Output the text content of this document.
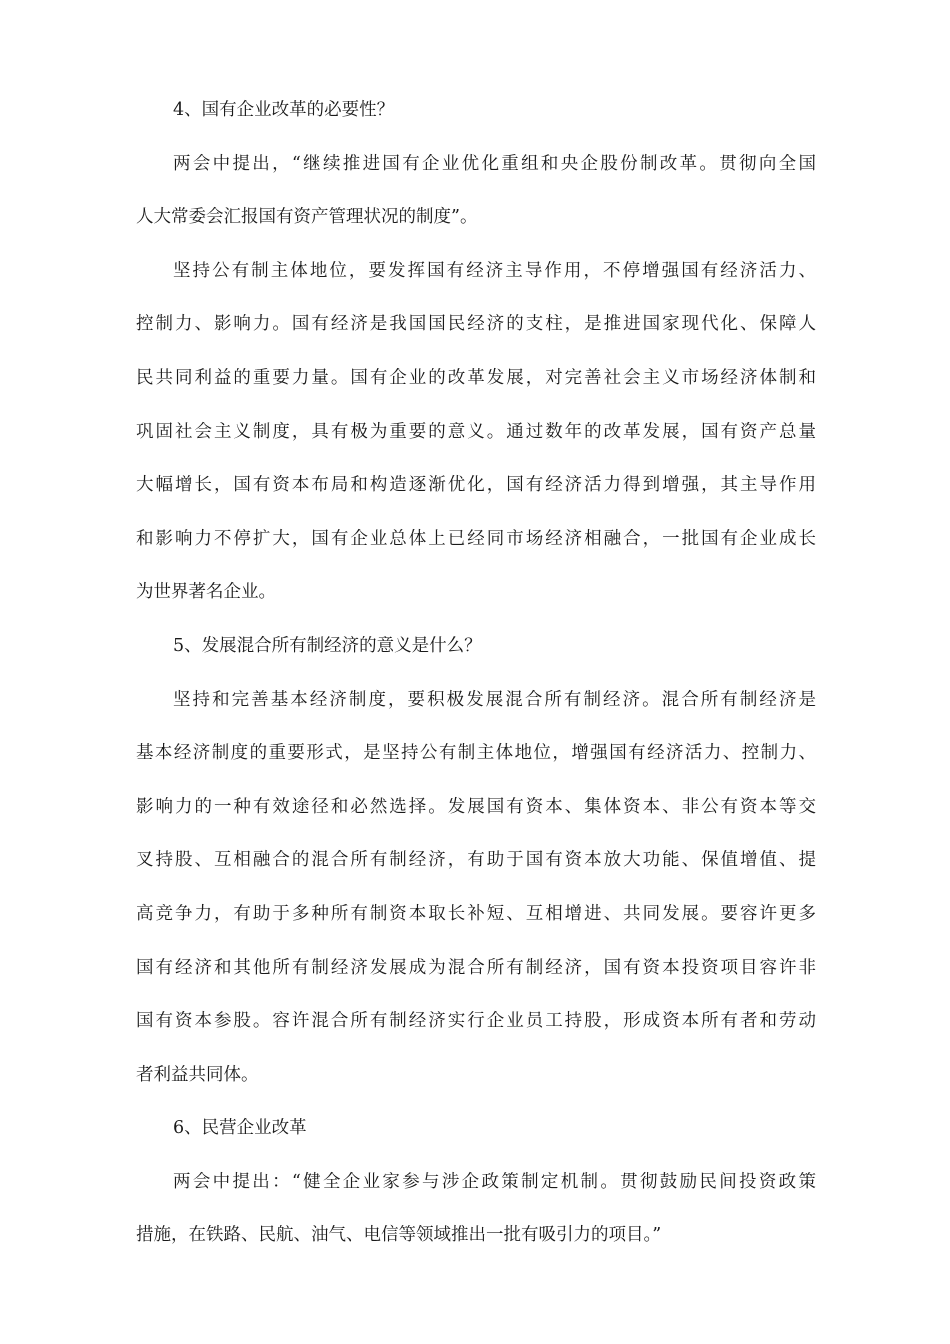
4、国有企业改革的必要性？
两会中提出，“继续推进国有企业优化重组和央企股份制改革。贯彻向全国
人大常委会汇报国有资产管理状况的制度”。
坚持公有制主体地位，要发挥国有经济主导作用，不停增强国有经济活力、
控制力、影响力。国有经济是我国国民经济的支柱，是推进国家现代化、保障人
民共同利益的重要力量。国有企业的改革发展，对完善社会主义市场经济体制和
巩固社会主义制度，具有极为重要的意义。通过数年的改革发展，国有资产总量
大幅增长，国有资本布局和构造逐渐优化，国有经济活力得到增强，其主导作用
和影响力不停扩大，国有企业总体上已经同市场经济相融合，一批国有企业成长
为世界著名企业。
5、发展混合所有制经济的意义是什么？
坚持和完善基本经济制度，要积极发展混合所有制经济。混合所有制经济是
基本经济制度的重要形式，是坚持公有制主体地位，增强国有经济活力、控制力、
影响力的一种有效途径和必然选择。发展国有资本、集体资本、非公有资本等交
叉持股、互相融合的混合所有制经济，有助于国有资本放大功能、保值增值、提
高竞争力，有助于多种所有制资本取长补短、互相增进、共同发展。要容许更多
国有经济和其他所有制经济发展成为混合所有制经济，国有资本投资项目容许非
国有资本参股。容许混合所有制经济实行企业员工持股，形成资本所有者和劳动
者利益共同体。
6、民营企业改革
两会中提出：“健全企业家参与涉企政策制定机制。贯彻鼓励民间投资政策
措施，在铁路、民航、油气、电信等领域推出一批有吸引力的项目。”
